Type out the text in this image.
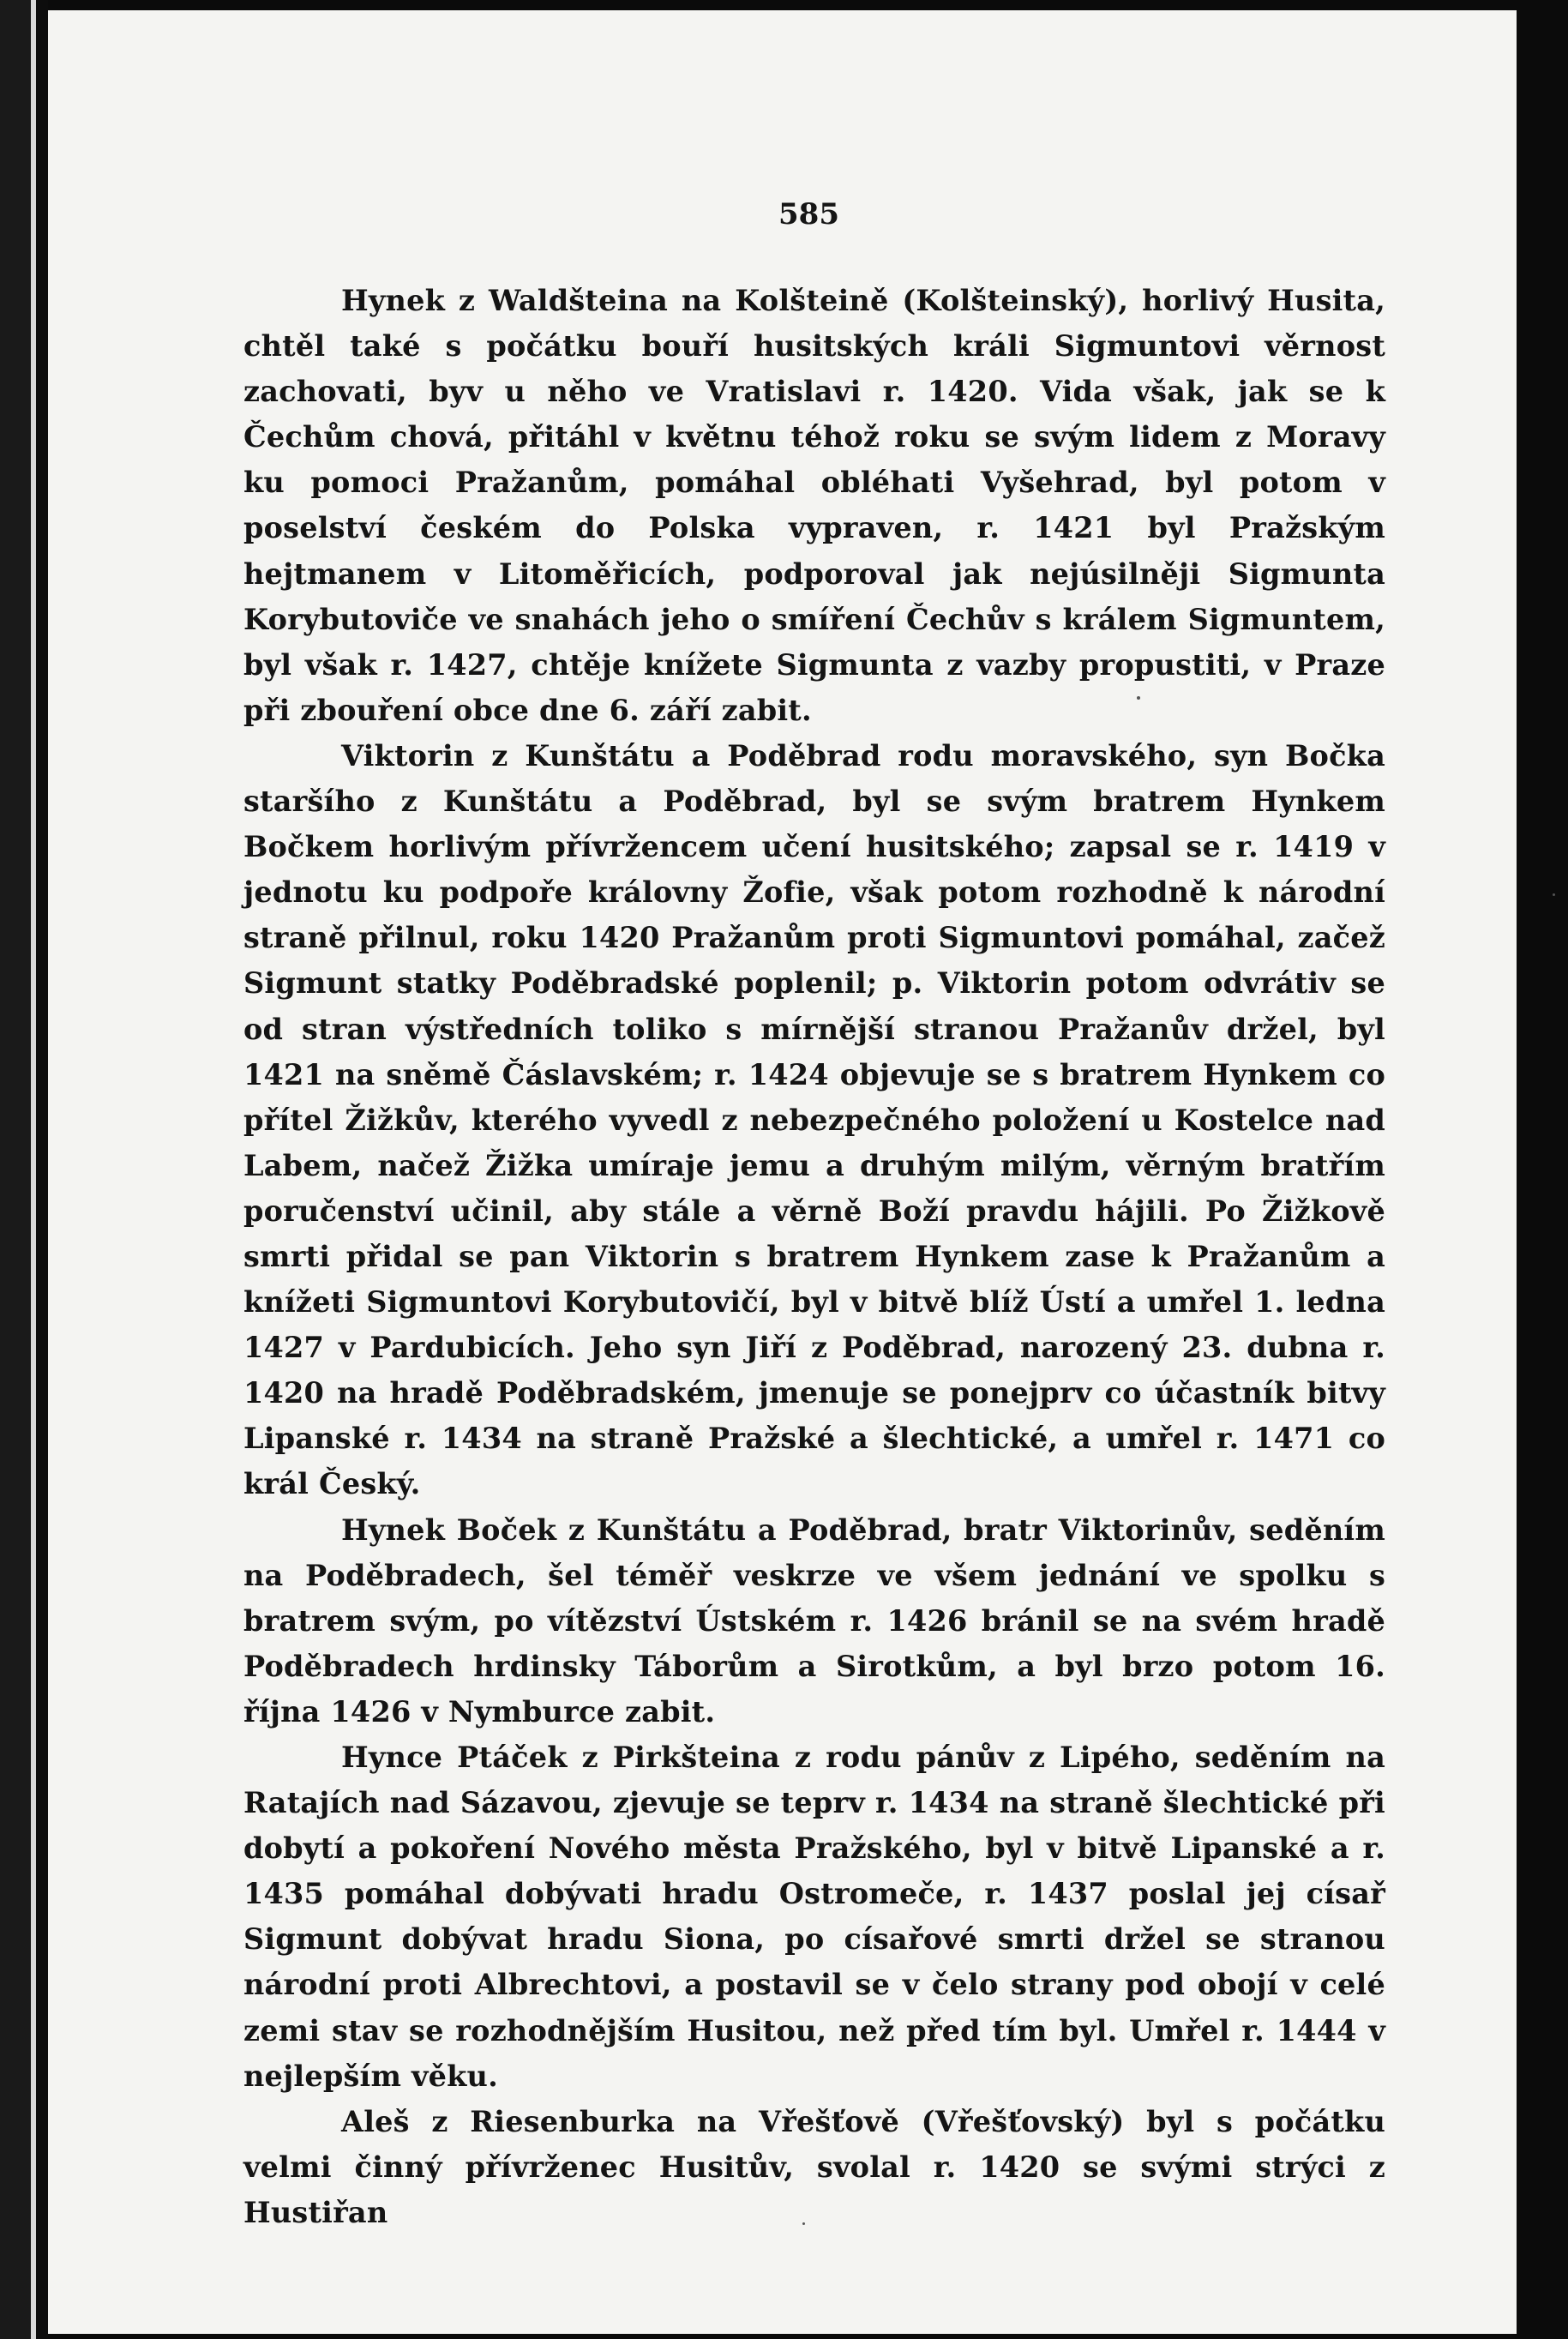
585

Hynek z Waldšteina na Kolšteině (Kolšteinský), horlivý Husita, chtěl také s počátku bouří husitských králi Sigmuntovi věrnost zachovati, byv u něho ve Vratislavi r. 1420. Vida však, jak se k Čechům chová, přitáhl v květnu téhož roku se svým lidem z Moravy ku pomoci Pražanům, pomáhal obléhati Vyšehrad, byl potom v poselství českém do Polska vypraven, r. 1421 byl Pražským hejtmanem v Litoměřicích, podporoval jak nejúsilněji Sigmunta Korybutoviče ve snahách jeho o smíření Čechův s králem Sigmuntem, byl však r. 1427, chtěje knížete Sigmunta z vazby propustiti, v Praze při zbouření obce dne 6. září zabit.

Viktorin z Kunštátu a Poděbrad rodu moravského, syn Bočka staršího z Kunštátu a Poděbrad, byl se svým bratrem Hynkem Bočkem horlivým přívržencem učení husitského; zapsal se r. 1419 v jednotu ku podpoře královny Žofie, však potom rozhodně k národní straně přilnul, roku 1420 Pražanům proti Sigmuntovi pomáhal, začež Sigmunt statky Poděbradské poplenil; p. Viktorin potom odvrátiv se od stran výstředních toliko s mírnější stranou Pražanův držel, byl 1421 na sněmě Čáslavském; r. 1424 objevuje se s bratrem Hynkem co přítel Žižkův, kterého vyvedl z nebezpečného položení u Kostelce nad Labem, načež Žižka umíraje jemu a druhým milým, věrným bratřím poručenství učinil, aby stále a věrně Boží pravdu hájili. Po Žižkově smrti přidal se pan Viktorin s bratrem Hynkem zase k Pražanům a knížeti Sigmuntovi Korybutovičí, byl v bitvě blíž Ústí a umřel 1. ledna 1427 v Pardubicích. Jeho syn Jiří z Poděbrad, narozený 23. dubna r. 1420 na hradě Poděbradském, jmenuje se ponejprv co účastník bitvy Lipanské r. 1434 na straně Pražské a šlechtické, a umřel r. 1471 co král Český.

Hynek Boček z Kunštátu a Poděbrad, bratr Viktorinův, seděním na Poděbradech, šel téměř veskrze ve všem jednání ve spolku s bratrem svým, po vítězství Ústském r. 1426 bránil se na svém hradě Poděbradech hrdinsky Táborům a Sirotkům, a byl brzo potom 16. října 1426 v Nymburce zabit.

Hynce Ptáček z Pirkšteina z rodu pánův z Lipého, seděním na Ratajích nad Sázavou, zjevuje se teprv r. 1434 na straně šlechtické při dobytí a pokoření Nového města Pražského, byl v bitvě Lipanské a r. 1435 pomáhal dobývati hradu Ostromeče, r. 1437 poslal jej císař Sigmunt dobývat hradu Siona, po císařové smrti držel se stranou národní proti Albrechtovi, a postavil se v čelo strany pod obojí v celé zemi stav se rozhodnějším Husitou, než před tím byl. Umřel r. 1444 v nejlepším věku.

Aleš z Riesenburka na Vřešťově (Vřešťovský) byl s počátku velmi činný přívrženec Husitův, svolal r. 1420 se svými strýci z Hustiřan
